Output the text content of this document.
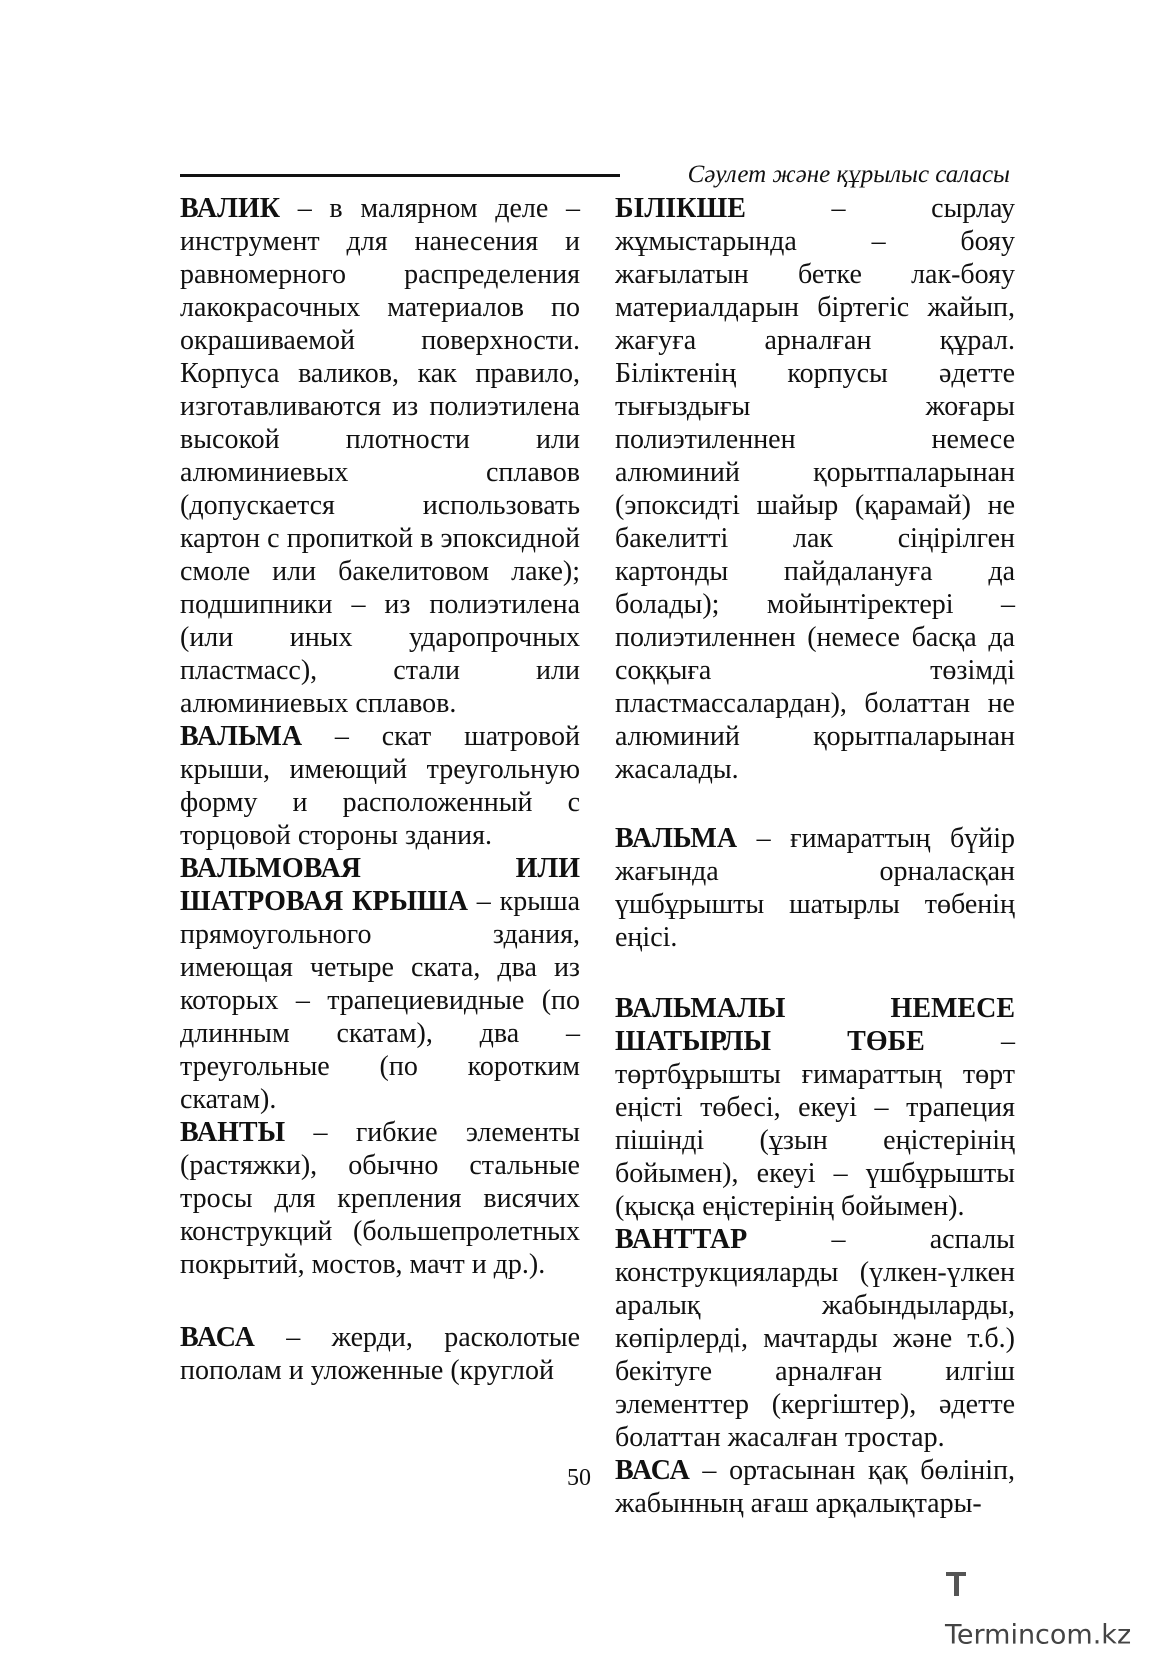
Сәулет және құрылыс саласы

ВАЛИК – в малярном деле – инструмент для нанесения и равномерного распределения лакокрасочных материалов по окрашиваемой поверхности. Корпуса валиков, как правило, изготавливаются из полиэтилена высокой плотности или алюминиевых сплавов (допускается использовать картон с пропиткой в эпоксидной смоле или бакелитовом лаке); подшипники – из полиэтилена (или иных ударопрочных пластмасс), стали или алюминиевых сплавов.

ВАЛЬМА – скат шатровой крыши, имеющий треугольную форму и расположенный с торцовой стороны здания.

ВАЛЬМОВАЯ ИЛИ ШАТРОВАЯ КРЫША – крыша прямоугольного здания, имеющая четыре ската, два из которых – трапециевидные (по длинным скатам), два – треугольные (по коротким скатам).

ВАНТЫ – гибкие элементы (растяжки), обычно стальные тросы для крепления висячих конструкций (большепролетных покрытий, мостов, мачт и др.).

ВАСА – жерди, расколотые пополам и уложенные (круглой

БІЛІКШЕ – сырлау жұмыстарында – бояу жағылатын бетке лак-бояу материалдарын біртегіс жайып, жағуға арналған құрал. Біліктенің корпусы әдетте тығыздығы жоғары полиэтиленнен немесе алюминий қорытпаларынан (эпоксидті шайыр (қарамай) не бакелитті лак сіңірілген картонды пайдалануға да болады); мойынтіректері – полиэтиленнен (немесе басқа да соққыға төзімді пластмассалардан), болаттан не алюминий қорытпаларынан жасалады.

ВАЛЬМА – ғимараттың бүйір жағында орналасқан үшбұрышты шатырлы төбенің еңісі.

ВАЛЬМАЛЫ НЕМЕСЕ ШАТЫРЛЫ ТӨБЕ – төртбұрышты ғимараттың төрт еңісті төбесі, екеуі – трапеция пішінді (ұзын еңістерінің бойымен), екеуі – үшбұрышты (қысқа еңістерінің бойымен).

ВАНТТАР – аспалы конструкцияларды (үлкен-үлкен аралық жабындыларды, көпірлерді, мачтарды және т.б.) бекітуге арналған илгіш элементтер (кергіштер), әдетте болаттан жасалған тростар.

ВАСА – ортасынан қақ бөлініп, жабынның ағаш арқалықтары-

50
Termincom.kz
